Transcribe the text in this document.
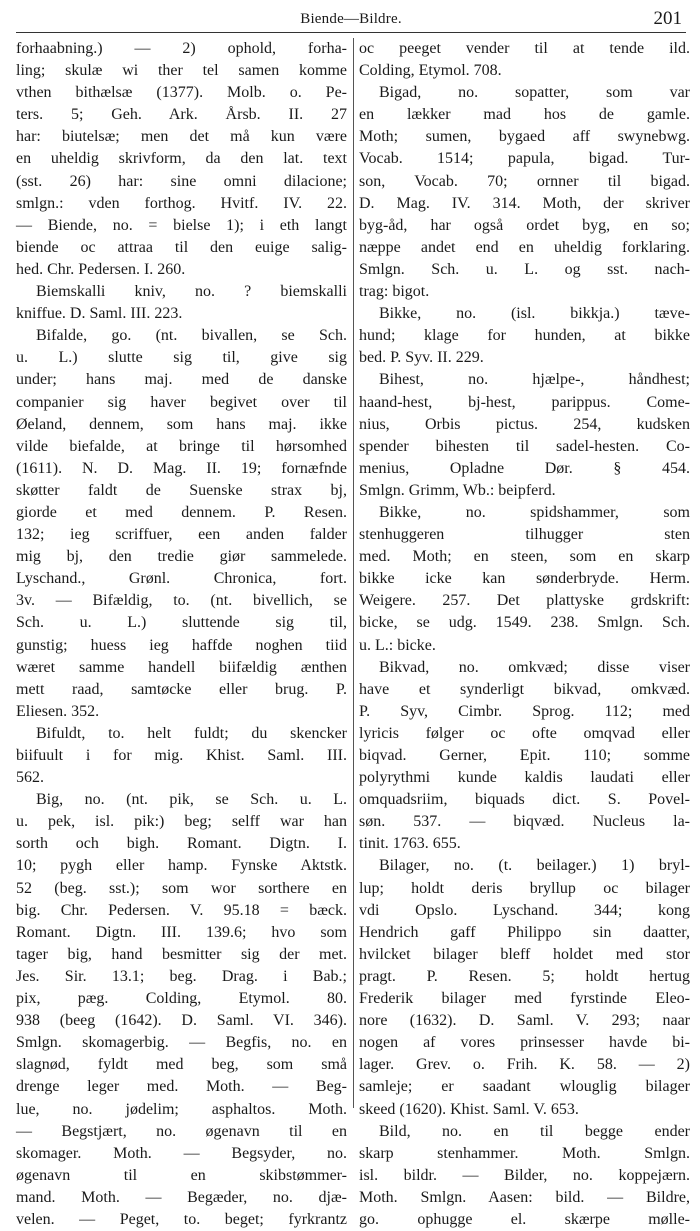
Biende—Bildre.	201
forhaabning.) — 2) ophold, forha-
ling; skulæ wi ther tel samen komme
vthen bithælsæ (1377). Molb. o. Pe-
ters. 5; Geh. Ark. Årsb. II. 27
har: biutelsæ; men det må kun være
en uheldig skrivform, da den lat. text
(sst. 26) har: sine omni dilacione;
smlgn.: vden forthog. Hvitf. IV. 22.
— Biende, no. = bielse 1); i eth langt
biende oc attraa til den euige salig-
hed. Chr. Pedersen. I. 260.
Biemskalli kniv, no. ? biemskalli
kniffue. D. Saml. III. 223.
Bifalde, go. (nt. bivallen, se Sch.
u. L.) slutte sig til, give sig
under; hans maj. med de danske
companier sig haver begivet over til
Øeland, dennem, som hans maj. ikke
vilde biefalde, at bringe til hørsomhed
(1611). N. D. Mag. II. 19; fornæfnde
skøtter faldt de Suenske strax bj,
giorde et med dennem. P. Resen.
132; ieg scriffuer, een anden falder
mig bj, den tredie giør sammelede.
Lyschand., Grønl. Chronica, fort.
3v. — Bifældig, to. (nt. bivellich, se
Sch. u. L.) sluttende sig til,
gunstig; huess ieg haffde noghen tiid
wæret samme handell biifældig ænthen
mett raad, samtøcke eller brug. P.
Eliesen. 352.
Bifuldt, to. helt fuldt; du skencker
biifuult i for mig. Khist. Saml. III.
562.
Big, no. (nt. pik, se Sch. u. L.
u. pek, isl. pik:) beg; selff war han
sorth och bigh. Romant. Digtn. I.
10; pygh eller hamp. Fynske Aktstk.
52 (beg. sst.); som wor sorthere en
big. Chr. Pedersen. V. 95.18 = bæck.
Romant. Digtn. III. 139.6; hvo som
tager big, hand besmitter sig der met.
Jes. Sir. 13.1; beg. Drag. i Bab.;
pix, pæg. Colding, Etymol. 80.
938 (beeg (1642). D. Saml. VI. 346).
Smlgn. skomagerbig. — Begfis, no. en
slagnød, fyldt med beg, som små
drenge leger med. Moth. — Beg-
lue, no. jødelim; asphaltos. Moth.
— Begstjært, no. øgenavn til en
skomager. Moth. — Begsyder, no.
øgenavn til en skibstømmer-
mand. Moth. — Begæder, no. djæ-
velen. — Peget, to. beget; fyrkrantz
oc peeget vender til at tende ild.
Colding, Etymol. 708.
Bigad, no. sopatter, som var
en lækker mad hos de gamle.
Moth; sumen, bygaed aff swynebwg.
Vocab. 1514; papula, bigad. Tur-
son, Vocab. 70; ornner til bigad.
D. Mag. IV. 314. Moth, der skriver
byg-åd, har også ordet byg, en so;
næppe andet end en uheldig forklaring.
Smlgn. Sch. u. L. og sst. nach-
trag: bigot.
Bikke, no. (isl. bikkja.) tæve-
hund; klage for hunden, at bikke
bed. P. Syv. II. 229.
Bihest, no. hjælpe-, håndhest;
haand-hest, bj-hest, parippus. Come-
nius, Orbis pictus. 254, kudsken
spender bihesten til sadel-hesten. Co-
menius, Opladne Dør. § 454.
Smlgn. Grimm, Wb.: beipferd.
Bikke, no. spidshammer, som
stenhuggeren tilhugger sten
med. Moth; en steen, som en skarp
bikke icke kan sønderbryde. Herm.
Weigere. 257. Det plattyske grdskrift:
bicke, se udg. 1549. 238. Smlgn. Sch.
u. L.: bicke.
Bikvad, no. omkvæd; disse viser
have et synderligt bikvad, omkvæd.
P. Syv, Cimbr. Sprog. 112; med
lyricis følger oc ofte omqvad eller
biqvad. Gerner, Epit. 110; somme
polyrythmi kunde kaldis laudati eller
omquadsriim, biquads dict. S. Povel-
søn. 537. — biqvæd. Nucleus la-
tinit. 1763. 655.
Bilager, no. (t. beilager.) 1) bryl-
lup; holdt deris bryllup oc bilager
vdi Opslo. Lyschand. 344; kong
Hendrich gaff Philippo sin daatter,
hvilcket bilager bleff holdet med stor
pragt. P. Resen. 5; holdt hertug
Frederik bilager med fyrstinde Eleo-
nore (1632). D. Saml. V. 293; naar
nogen af vores prinsesser havde bi-
lager. Grev. o. Frih. K. 58. — 2)
samleje; er saadant wlouglig bilager
skeed (1620). Khist. Saml. V. 653.
Bild, no. en til begge ender
skarp stenhammer. Moth. Smlgn.
isl. bildr. — Bilder, no. koppejærn.
Moth. Smlgn. Aasen: bild. — Bildre,
go. ophugge el. skærpe mølle-
